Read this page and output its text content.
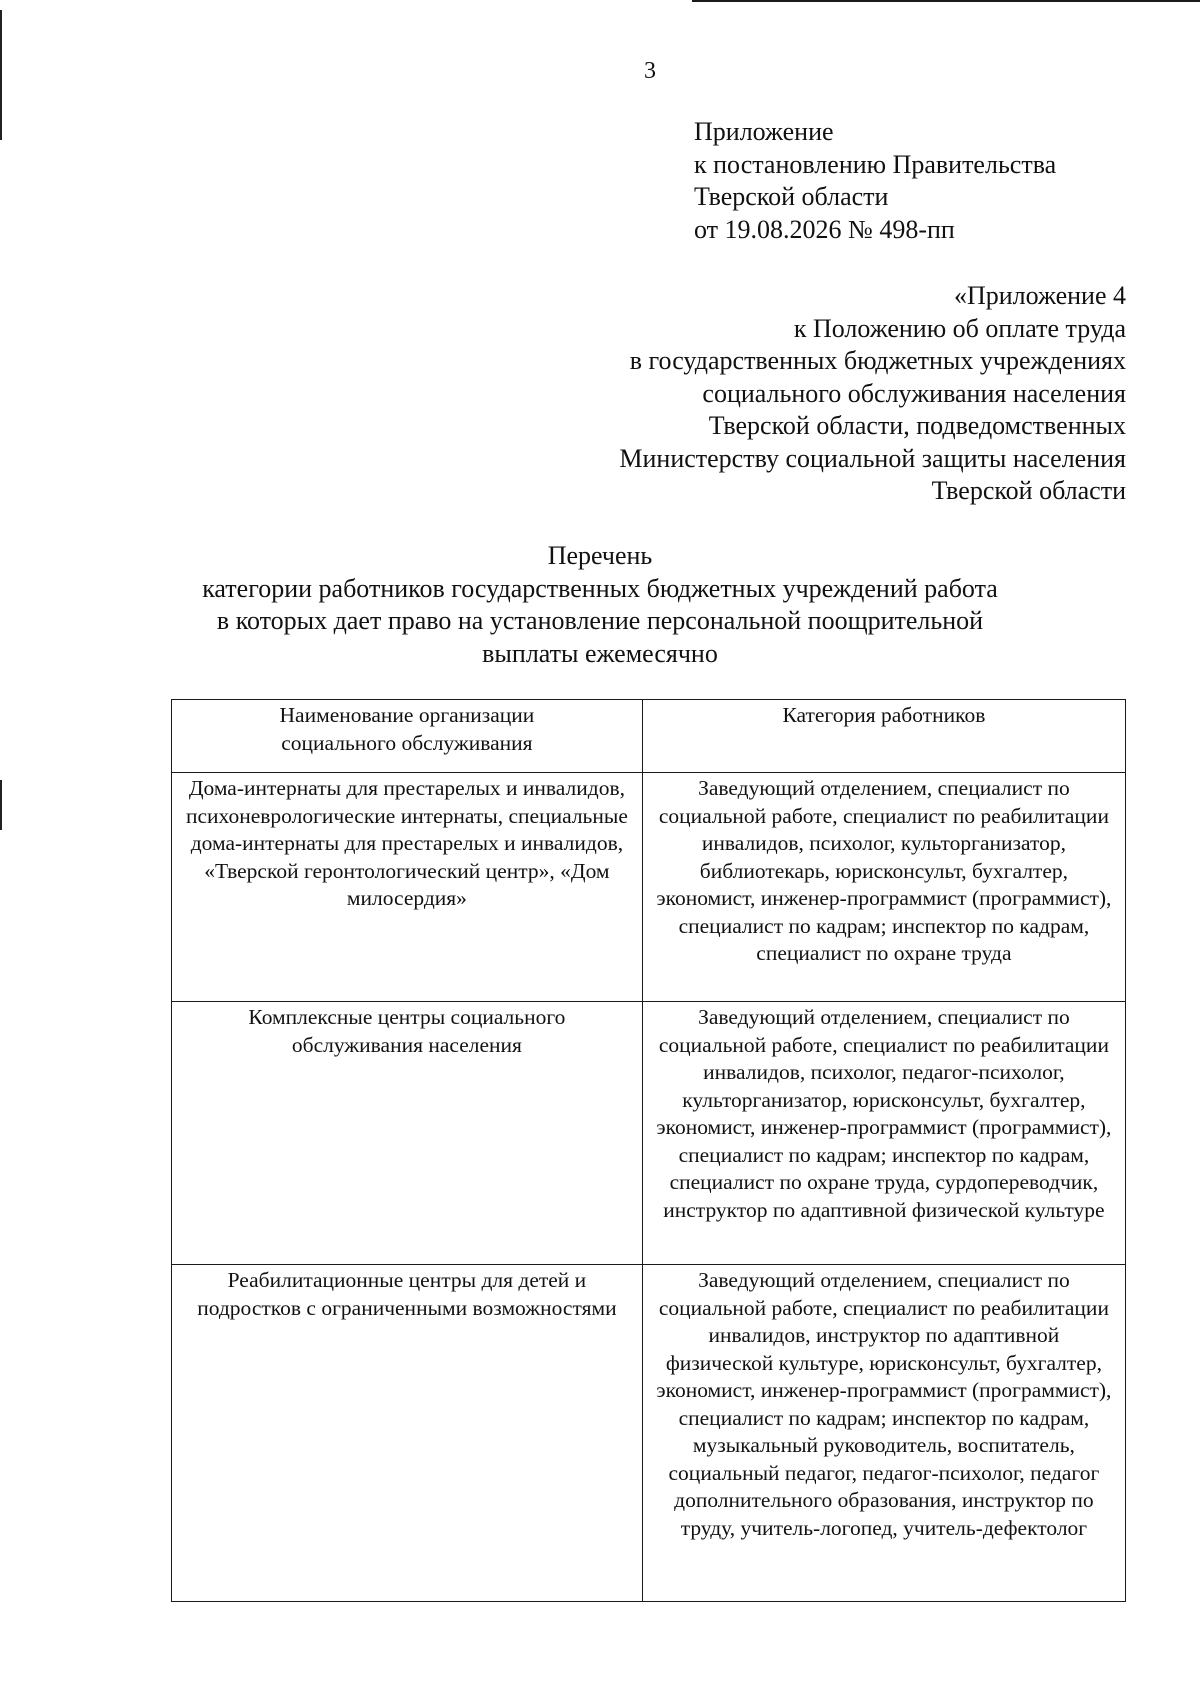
3
Приложение
к постановлению Правительства
Тверской области
от 19.08.2026 № 498-пп
«Приложение 4
к Положению об оплате труда
в государственных бюджетных учреждениях
социального обслуживания населения
Тверской области, подведомственных
Министерству социальной защиты населения
Тверской области
Перечень
категории работников государственных бюджетных учреждений работа
в которых дает право на установление персональной поощрительной
выплаты ежемесячно
Наименование организации социального обслуживания	Категория работников
Дома-интернаты для престарелых и инвалидов, психоневрологические интернаты, специальные дома-интернаты для престарелых и инвалидов, «Тверской геронтологический центр», «Дом милосердия»	Заведующий отделением, специалист по социальной работе, специалист по реабилитации инвалидов, психолог, культорганизатор, библиотекарь, юрисконсульт, бухгалтер, экономист, инженер-программист (программист), специалист по кадрам; инспектор по кадрам, специалист по охране труда
Комплексные центры социального обслуживания населения	Заведующий отделением, специалист по социальной работе, специалист по реабилитации инвалидов, психолог, педагог-психолог, культорганизатор, юрисконсульт, бухгалтер, экономист, инженер-программист (программист), специалист по кадрам; инспектор по кадрам, специалист по охране труда, сурдопереводчик, инструктор по адаптивной физической культуре
Реабилитационные центры для детей и подростков с ограниченными возможностями	Заведующий отделением, специалист по социальной работе, специалист по реабилитации инвалидов, инструктор по адаптивной физической культуре, юрисконсульт, бухгалтер, экономист, инженер-программист (программист), специалист по кадрам; инспектор по кадрам, музыкальный руководитель, воспитатель, социальный педагог, педагог-психолог, педагог дополнительного образования, инструктор по труду, учитель-логопед, учитель-дефектолог
